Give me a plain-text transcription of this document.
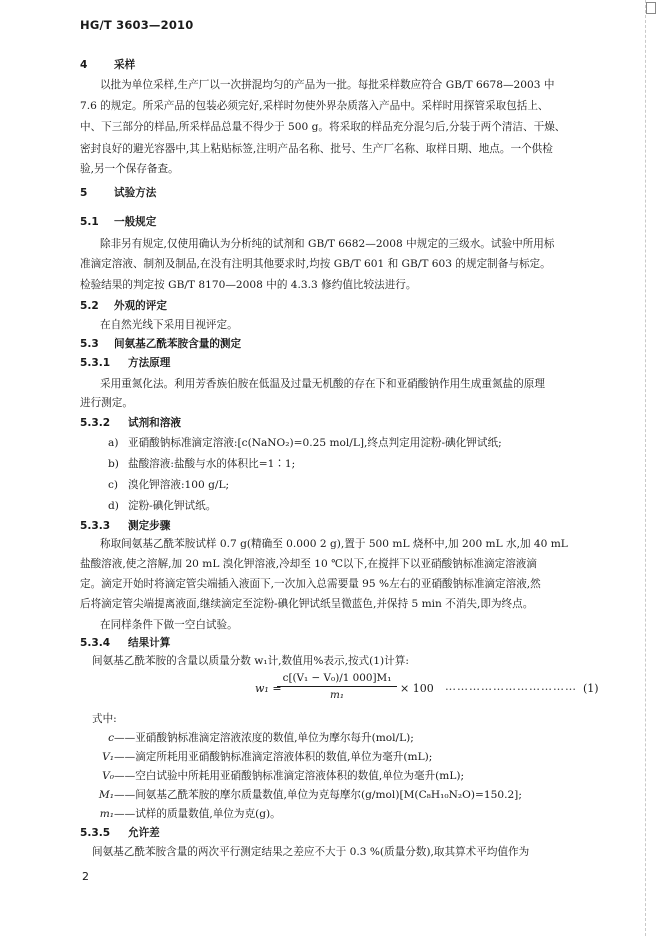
HG/T 3603—2010
4	采样
以批为单位采样,生产厂以一次拼混均匀的产品为一批。每批采样数应符合 GB/T 6678—2003 中
7.6 的规定。所采产品的包装必须完好,采样时勿使外界杂质落入产品中。采样时用探管采取包括上、
中、下三部分的样品,所采样品总量不得少于 500 g。将采取的样品充分混匀后,分装于两个清洁、干燥、
密封良好的避光容器中,其上粘贴标签,注明产品名称、批号、生产厂名称、取样日期、地点。一个供检
验,另一个保存备查。
5	试验方法
5.1 一般规定
除非另有规定,仅使用确认为分析纯的试剂和 GB/T 6682—2008 中规定的三级水。试验中所用标
准滴定溶液、制剂及制品,在没有注明其他要求时,均按 GB/T 601 和 GB/T 603 的规定制备与标定。
检验结果的判定按 GB/T 8170—2008 中的 4.3.3 修约值比较法进行。
5.2 外观的评定
在自然光线下采用目视评定。
5.3 间氨基乙酰苯胺含量的测定
5.3.1 方法原理
采用重氮化法。利用芳香族伯胺在低温及过量无机酸的存在下和亚硝酸钠作用生成重氮盐的原理
进行测定。
5.3.2 试剂和溶液
a) 亚硝酸钠标准滴定溶液:[c(NaNO₂)=0.25 mol/L],终点判定用淀粉-碘化钾试纸;
b) 盐酸溶液:盐酸与水的体积比=1∶1;
c) 溴化钾溶液:100 g/L;
d) 淀粉-碘化钾试纸。
5.3.3 测定步骤
称取间氨基乙酰苯胺试样 0.7 g(精确至 0.000 2 g),置于 500 mL 烧杯中,加 200 mL 水,加 40 mL
盐酸溶液,使之溶解,加 20 mL 溴化钾溶液,冷却至 10 ℃以下,在搅拌下以亚硝酸钠标准滴定溶液滴
定。滴定开始时将滴定管尖端插入液面下,一次加入总需要量 95 %左右的亚硝酸钠标准滴定溶液,然
后将滴定管尖端提离液面,继续滴定至淀粉-碘化钾试纸呈微蓝色,并保持 5 min 不消失,即为终点。
在同样条件下做一空白试验。
5.3.4 结果计算
间氨基乙酰苯胺的含量以质量分数 w₁计,数值用%表示,按式(1)计算:
w₁ =
$\frac{\text{c[(V₁ − V₀)/1 000]M₁}}{\text{m₁}} \times 100$ …………………………… (1)
式中:
c——亚硝酸钠标准滴定溶液浓度的数值,单位为摩尔每升(mol/L);
V₁——滴定所耗用亚硝酸钠标准滴定溶液体积的数值,单位为毫升(mL);
V₀——空白试验中所耗用亚硝酸钠标准滴定溶液体积的数值,单位为毫升(mL);
M₁——间氨基乙酰苯胺的摩尔质量数值,单位为克每摩尔(g/mol)[M(C₈H₁₀N₂O)=150.2];
m₁——试样的质量数值,单位为克(g)。
5.3.5 允许差
间氨基乙酰苯胺含量的两次平行测定结果之差应不大于 0.3 %(质量分数),取其算术平均值作为
2
